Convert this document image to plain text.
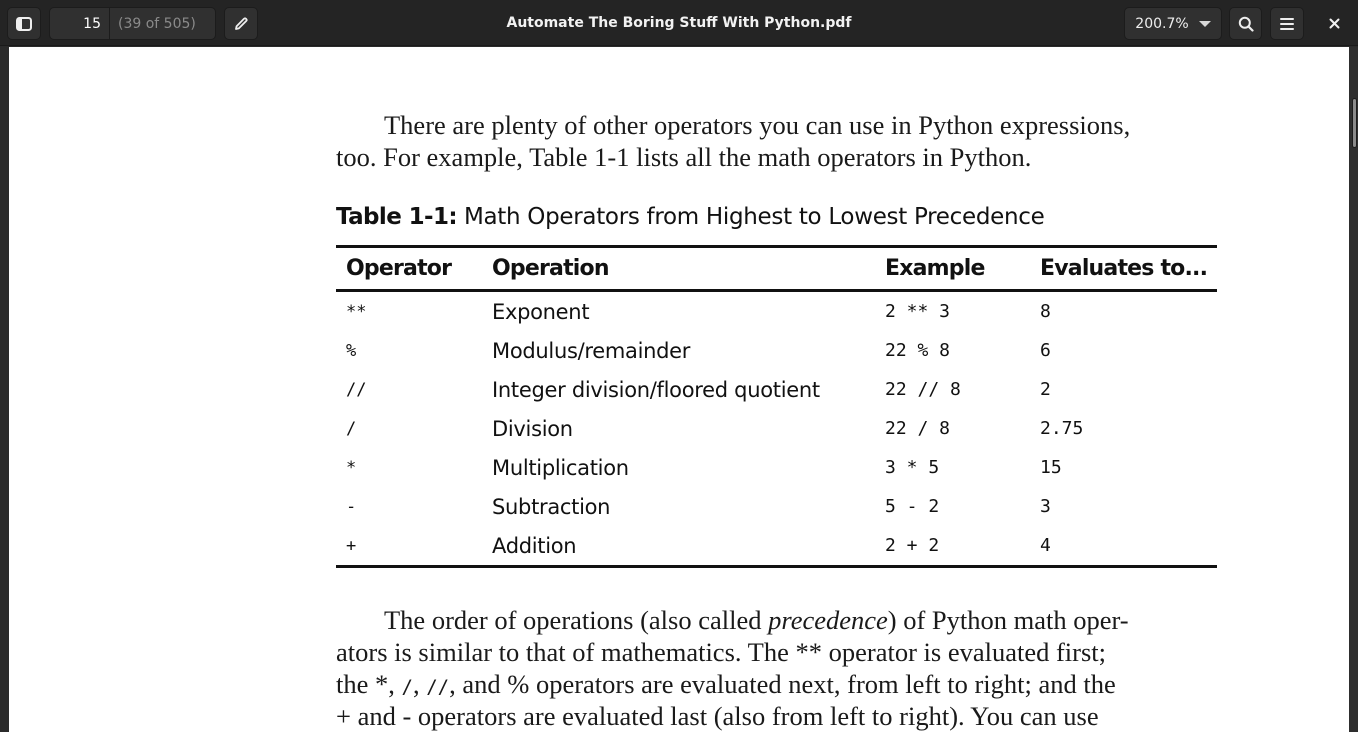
15	(39 of 505)	Automate The Boring Stuff With Python.pdf	200.7%
There are plenty of other operators you can use in Python expressions,
too. For example, Table 1-1 lists all the math operators in Python.
Table 1-1: Math Operators from Highest to Lowest Precedence
Operator	Operation	Example	Evaluates to...
**	Exponent	2 ** 3	8
%	Modulus/remainder	22 % 8	6
//	Integer division/floored quotient	22 // 8	2
/	Division	22 / 8	2.75
*	Multiplication	3 * 5	15
-	Subtraction	5 - 2	3
+	Addition	2 + 2	4
The order of operations (also called precedence) of Python math oper-
ators is similar to that of mathematics. The ** operator is evaluated first;
the *, /, //, and % operators are evaluated next, from left to right; and the
+ and - operators are evaluated last (also from left to right). You can use
